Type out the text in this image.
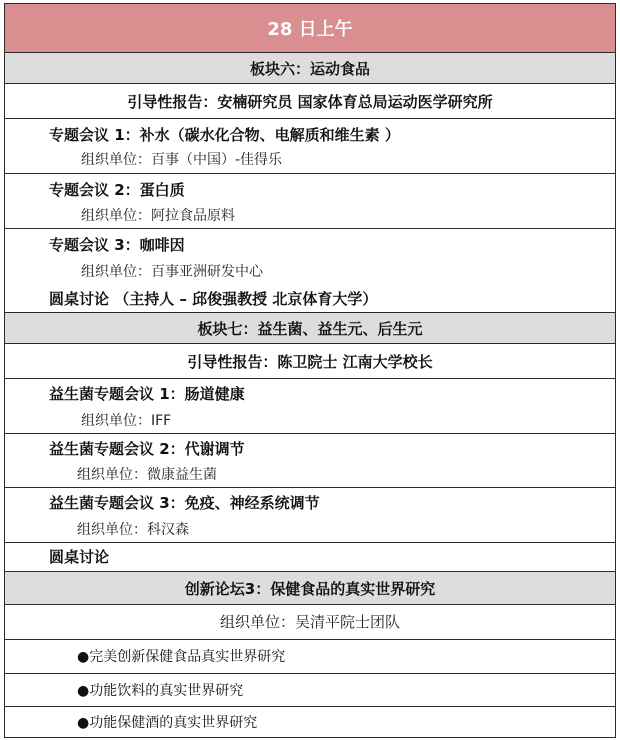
28 日上午
板块六：运动食品
引导性报告：安楠研究员 国家体育总局运动医学研究所
专题会议 1：补水（碳水化合物、电解质和维生素 ）
组织单位：百事（中国）-佳得乐
专题会议 2：蛋白质
组织单位：阿拉食品原料
专题会议 3：咖啡因
组织单位：百事亚洲研发中心
圆桌讨论 （主持人 – 邱俊强教授 北京体育大学）
板块七：益生菌、益生元、后生元
引导性报告：陈卫院士 江南大学校长
益生菌专题会议 1：肠道健康
组织单位：IFF
益生菌专题会议 2：代谢调节
组织单位：微康益生菌
益生菌专题会议 3：免疫、神经系统调节
组织单位：科汉森
圆桌讨论
创新论坛3：保健食品的真实世界研究
组织单位：吴清平院士团队
●完美创新保健食品真实世界研究
●功能饮料的真实世界研究
●功能保健酒的真实世界研究
